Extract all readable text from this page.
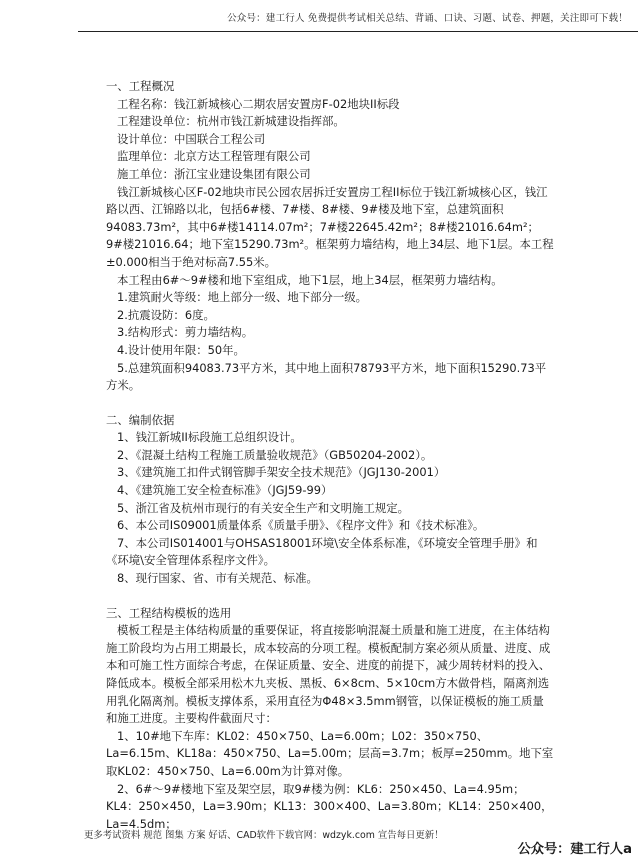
公众号：建工行人 免费提供考试相关总结、背诵、口诀、习题、试卷、押题，关注即可下载！
一、工程概况
工程名称：钱江新城核心二期农居安置房F-02地块II标段
工程建设单位：杭州市钱江新城建设指挥部。
设计单位：中国联合工程公司
监理单位：北京方达工程管理有限公司
施工单位：浙江宝业建设集团有限公司
钱江新城核心区F-02地块市民公园农居拆迁安置房工程II标位于钱江新城核心区，钱江路以西、江锦路以北，包括6#楼、7#楼、8#楼、9#楼及地下室，总建筑面积94083.73m²，其中6#楼14114.07m²；7#楼22645.42m²；8#楼21016.64m²；9#楼21016.64；地下室15290.73m²。框架剪力墙结构，地上34层、地下1层。本工程±0.000相当于绝对标高7.55米。
本工程由6#～9#楼和地下室组成，地下1层，地上34层，框架剪力墙结构。
1.建筑耐火等级：地上部分一级、地下部分一级。
2.抗震设防：6度。
3.结构形式：剪力墙结构。
4.设计使用年限：50年。
5.总建筑面积94083.73平方米，其中地上面积78793平方米，地下面积15290.73平方米。
二、编制依据
1、钱江新城II标段施工总组织设计。
2、《混凝土结构工程施工质量验收规范》（GB50204-2002）。
3、《建筑施工扣件式钢管脚手架安全技术规范》（JGJ130-2001）
4、《建筑施工安全检查标准》（JGJ59-99）
5、浙江省及杭州市现行的有关安全生产和文明施工规定。
6、本公司IS09001质量体系《质量手册》、《程序文件》和《技术标准》。
7、本公司IS014001与OHSAS18001环境\安全体系标准，《环境安全管理手册》和《环境\安全管理体系程序文件》。
8、现行国家、省、市有关规范、标准。
三、工程结构模板的选用
模板工程是主体结构质量的重要保证，将直接影响混凝土质量和施工进度，在主体结构施工阶段均为占用工期最长，成本较高的分项工程。模板配制方案必须从质量、进度、成本和可施工性方面综合考虑，在保证质量、安全、进度的前提下，减少周转材料的投入、降低成本。模板全部采用松木九夹板、黑板、6×8cm、5×10cm方木做骨档，隔离剂选用乳化隔离剂。模板支撑体系，采用直径为Φ48×3.5mm钢管，以保证模板的施工质量和施工进度。主要构件截面尺寸：
1、10#地下车库：KL02：450×750、La=6.00m；L02：350×750、La=6.15m、KL18a：450×750、La=5.00m；层高=3.7m；板厚=250mm。地下室取KL02：450×750、La=6.00m为计算对像。
2、6#～9#楼地下室及架空层，取9#楼为例：KL6：250×450、La=4.95m；KL4：250×450，La=3.90m；KL13：300×400、La=3.80m；KL14：250×400，La=4.5dm；
更多考试资料 规范 图集 方案 好话、CAD软件下载官网：wdzyk.com 宣告每日更新！
公众号：建工行人a
